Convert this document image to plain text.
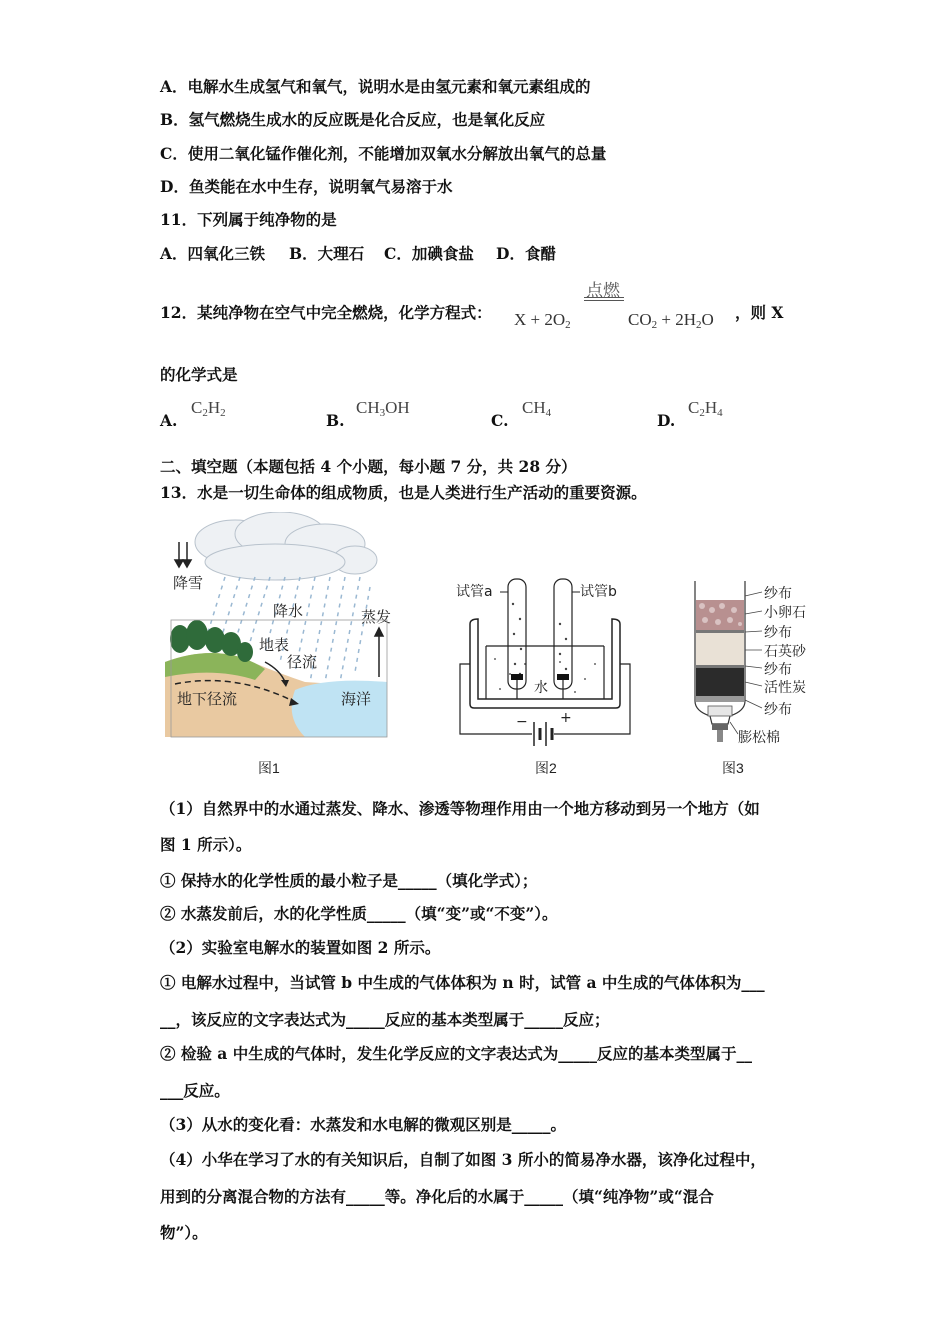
A．电解水生成氢气和氧气，说明水是由氢元素和氧元素组成的
B．氢气燃烧生成水的反应既是化合反应，也是氧化反应
C．使用二氧化锰作催化剂，不能增加双氧水分解放出氧气的总量
D．鱼类能在水中生存，说明氧气易溶于水
11．下列属于纯净物的是
A．四氧化三铁 B．大理石 C．加碘食盐 D．食醋
12．某纯净物在空气中完全燃烧，化学方程式：
点燃
$X + 2O_2$	$CO_2 + 2H_2O$ ，则 X
的化学式是
A.
$C_2H_2$	B.
$CH_3OH$
C.
$CH_4$	D.
$C_2H_4$
二、填空题（本题包括 4 个小题，每小题 7 分，共 28 分）
13．水是一切生命体的组成物质，也是人类进行生产活动的重要资源。
降雪
降水	蒸发
地表
径流
地下径流	海洋
图1
− +
水
试管a	试管b
图2
纱布
小卵石
纱布
石英砂
纱布
活性炭
纱布
膨松棉
图3
（1）自然界中的水通过蒸发、降水、渗透等物理作用由一个地方移动到另一个地方（如
图 1 所示）。
① 保持水的化学性质的最小粒子是_____（填化学式）；
② 水蒸发前后，水的化学性质_____（填“变”或“不变”）。
（2）实验室电解水的装置如图 2 所示。
① 电解水过程中，当试管 b 中生成的气体体积为 n 时，试管 a 中生成的气体体积为___
__，该反应的文字表达式为_____反应的基本类型属于_____反应；
② 检验 a 中生成的气体时，发生化学反应的文字表达式为_____反应的基本类型属于__
___反应。
（3）从水的变化看：水蒸发和水电解的微观区别是_____。
（4）小华在学习了水的有关知识后，自制了如图 3 所小的简易净水器，该净化过程中，
用到的分离混合物的方法有_____等。净化后的水属于_____（填“纯净物”或“混合
物”）。
